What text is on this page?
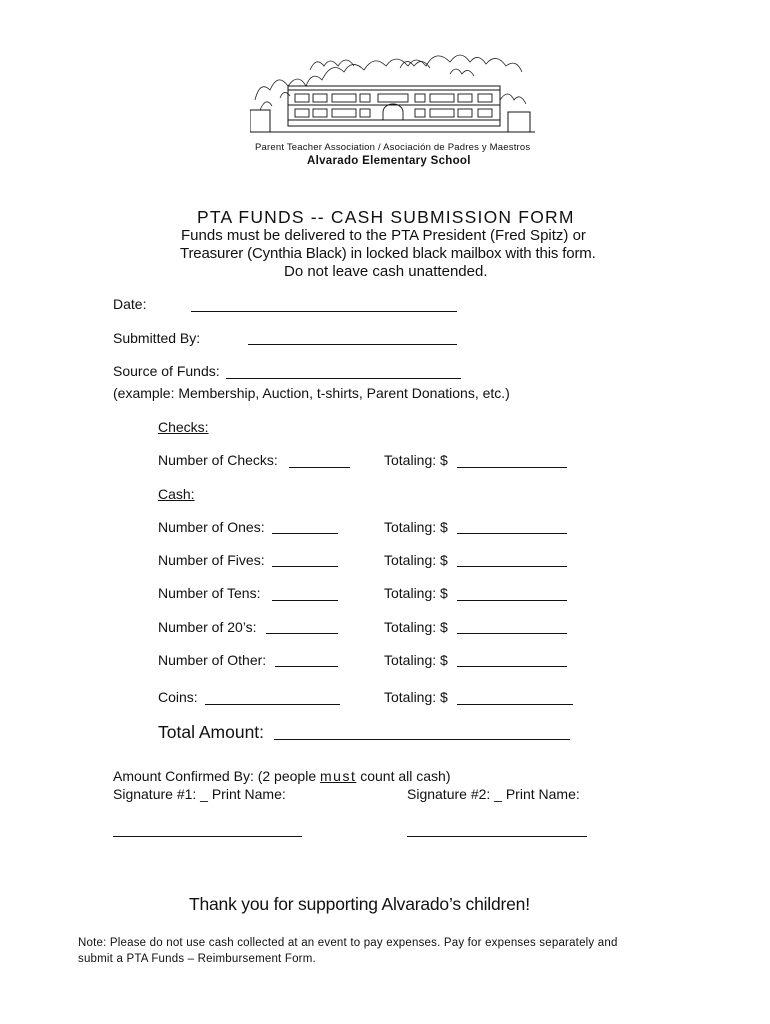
Parent Teacher Association / Asociación de Padres y Maestros
Alvarado Elementary School
PTA FUNDS -- CASH SUBMISSION FORM
Funds must be delivered to the PTA President (Fred Spitz) or
Treasurer (Cynthia Black) in locked black mailbox with this form.
Do not leave cash unattended.
Date:
Submitted By:
Source of Funds:
(example: Membership, Auction, t-shirts, Parent Donations, etc.)
Checks:
Number of Checks:	Totaling: $
Cash:
Number of Ones:	Totaling: $
Number of Fives:	Totaling: $
Number of Tens:	Totaling: $
Number of 20’s:	Totaling: $
Number of Other:	Totaling: $
Coins:	Totaling: $
Total Amount:
Amount Confirmed By: (2 people must count all cash)
Signature #1: _ Print Name:	Signature #2: _ Print Name:
Thank you for supporting Alvarado’s children!
Note: Please do not use cash collected at an event to pay expenses. Pay for expenses separately and
submit a PTA Funds – Reimbursement Form.
